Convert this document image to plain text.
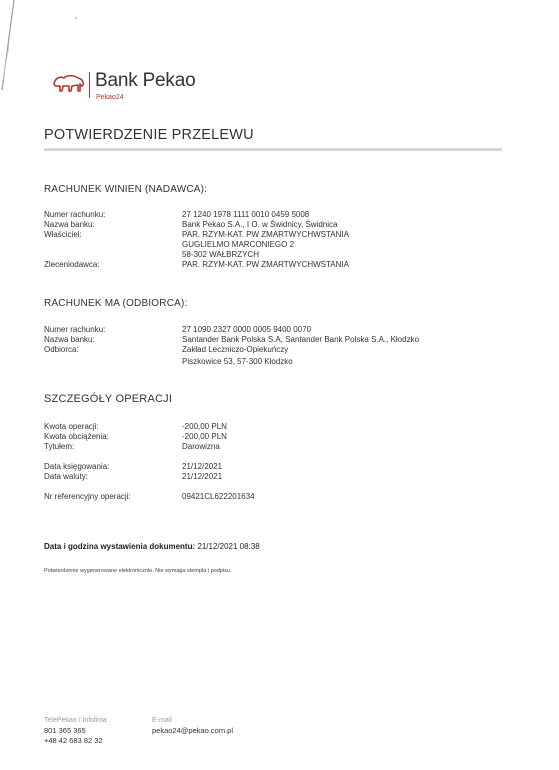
Bank Pekao
Pekao24
POTWIERDZENIE PRZELEWU
RACHUNEK WINIEN (NADAWCA):
Numer rachunku:	27 1240 1978 1111 0010 0459 5008
Nazwa banku:	Bank Pekao S.A., I O. w Świdnicy, Świdnica
Właściciel:	PAR. RZYM-KAT. PW ZMARTWYCHWSTANIA
GUGLIELMO MARCONIEGO 2
58-302 WAŁBRZYCH
Zleceniodawca:	PAR. RZYM-KAT. PW ZMARTWYCHWSTANIA
RACHUNEK MA (ODBIORCA):
Numer rachunku:	27 1090 2327 0000 0005 9400 0070
Nazwa banku:	Santander Bank Polska S.A, Santander Bank Polska S.A., Kłodzko
Odbiorca:	Zakład Leczniczo-Opiekuńczy
Piszkowice 53, 57-300 Kłodzko
SZCZEGÓŁY OPERACJI
Kwota operacji:	-200,00 PLN
Kwota obciążenia:	-200,00 PLN
Tytułem:	Darowizna
Data księgowania:	21/12/2021
Data waluty:	21/12/2021
Nr referencyjny operacji:	09421CL622201634
Data i godzina wystawienia dokumentu: 21/12/2021 08:38
Potwierdzenie wygenerowane elektronicznie. Nie wymaga stempla i podpisu.
TelePekao / Infolinia
801 365 365
+48 42 683 82 32
E-mail
pekao24@pekao.com.pl
